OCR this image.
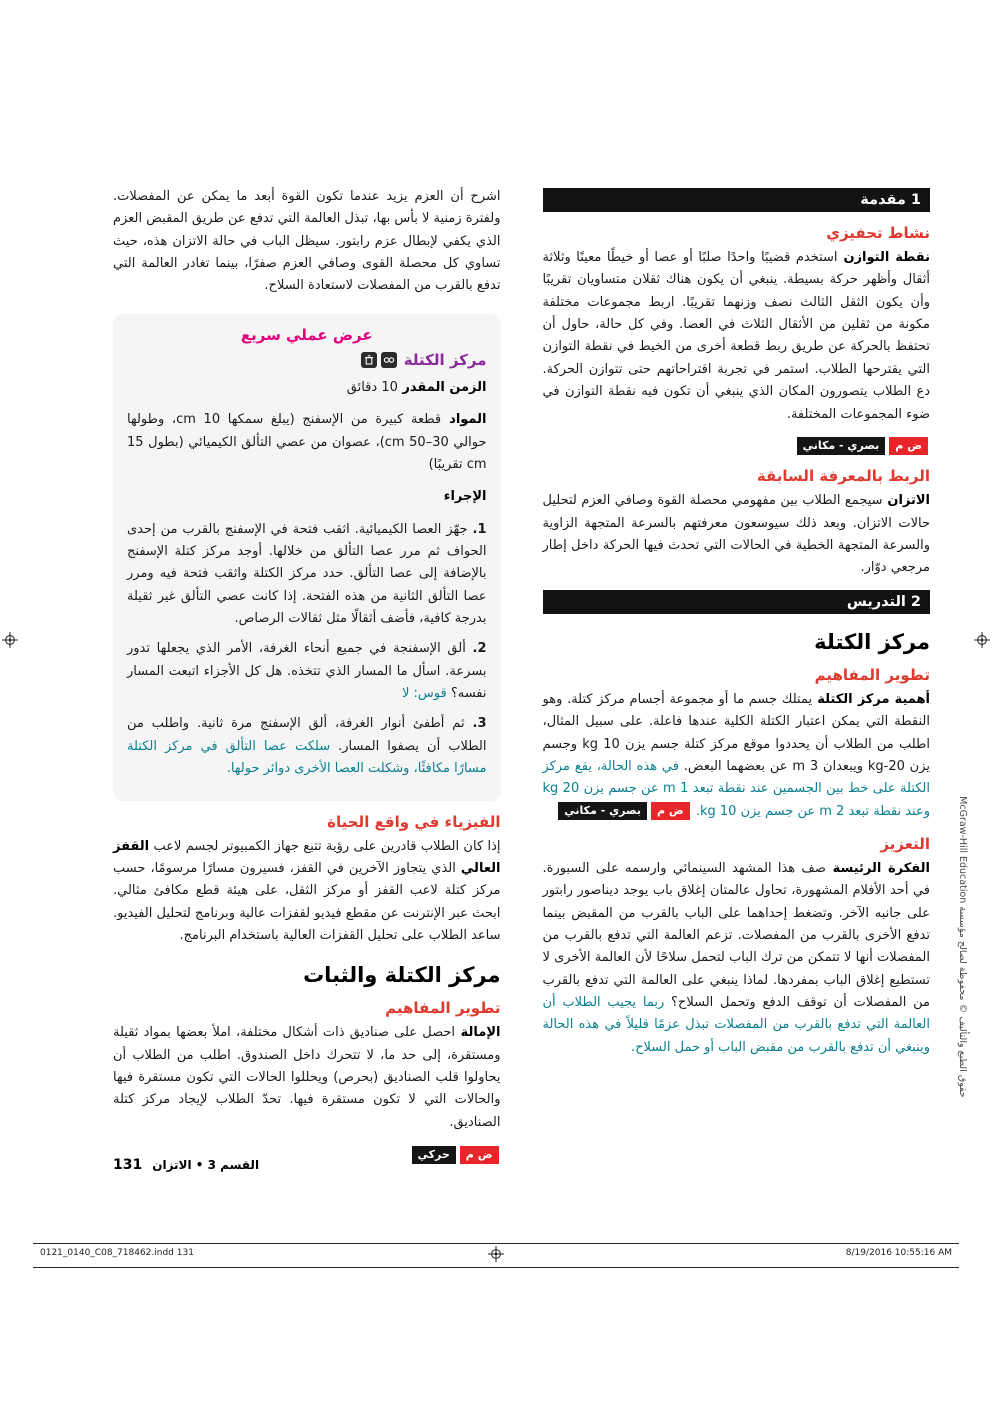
حقوق الطبع والتأليف © محفوظة لصالح مؤسسة McGraw-Hill Education
1 مقدمة
نشاط تحفيزي

نقطة التوازن استخدم قضيبًا واحدًا صلبًا أو عصا أو خيطًا معينًا وثلاثة أثقال وأظهر حركة بسيطة. ينبغي أن يكون هناك ثقلان متساويان تقريبًا وأن يكون الثقل الثالث نصف وزنهما تقريبًا. اربط مجموعات مختلفة مكونة من ثقلين من الأثقال الثلاث في العصا. وفي كل حالة، حاول أن تحتفظ بالحركة عن طريق ربط قطعة أخرى من الخيط في نقطة التوازن التي يقترحها الطلاب. استمر في تجربة اقتراحاتهم حتى تتوازن الحركة. دع الطلاب يتصورون المكان الذي ينبغي أن تكون فيه نقطة التوازن في ضوء المجموعات المختلفة.

ض مبصري - مكاني
الربط بالمعرفة السابقة

الاتزان سيجمع الطلاب بين مفهومي محصلة القوة وصافي العزم لتحليل حالات الاتزان. وبعد ذلك سيوسعون معرفتهم بالسرعة المتجهة الزاوية والسرعة المتجهة الخطية في الحالات التي تحدث فيها الحركة داخل إطار مرجعي دوّار.

2 التدريس
مركز الكتلة
تطوير المفاهيم

أهمية مركز الكتلة يمتلك جسم ما أو مجموعة أجسام مركز كتلة. وهو النقطة التي يمكن اعتبار الكتلة الكلية عندها فاعلة. على سبيل المثال، اطلب من الطلاب أن يحددوا موقع مركز كتلة جسم يزن 10 kg وجسم يزن 20-kg ويبعدان 3 m عن بعضهما البعض. في هذه الحالة، يقع مركز الكتلة على خط بين الجسمين عند نقطة تبعد 1 m عن جسم يزن 20 kg وعند نقطة تبعد 2 m عن جسم يزن 10 kg. ض مبصري - مكاني

التعزيز

الفكرة الرئيسة صف هذا المشهد السينمائي وارسمه على السبورة. في أحد الأفلام المشهورة، تحاول عالمتان إغلاق باب يوجد ديناصور رابتور على جانبه الآخر. وتضغط إحداهما على الباب بالقرب من المقبض بينما تدفع الأخرى بالقرب من المفصلات. تزعم العالمة التي تدفع بالقرب من المفصلات أنها لا تتمكن من ترك الباب لتحمل سلاحًا لأن العالمة الأخرى لا تستطيع إغلاق الباب بمفردها. لماذا ينبغي على العالمة التي تدفع بالقرب من المفصلات أن توقف الدفع وتحمل السلاح؟ ربما يجيب الطلاب أن العالمة التي تدفع بالقرب من المفصلات تبذل عزمًا قليلاً في هذه الحالة وينبغي أن تدفع بالقرب من مقبض الباب أو حمل السلاح.

اشرح أن العزم يزيد عندما تكون القوة أبعد ما يمكن عن المفصلات. ولفترة زمنية لا بأس بها، تبذل العالمة التي تدفع عن طريق المقبض العزم الذي يكفي لإبطال عزم رابتور. سيظل الباب في حالة الاتزان هذه، حيث تساوي كل محصلة القوى وصافي العزم صفرًا، بينما تغادر العالمة التي تدفع بالقرب من المفصلات لاستعادة السلاح.

عرض عملي سريع
مركز الكتلة

الزمن المقدر 10 دقائق

المواد قطعة كبيرة من الإسفنج (يبلغ سمكها 10 cm، وطولها حوالي 30–50 cm)، عصوان من عصي التألق الكيميائي (بطول 15 cm تقريبًا)

الإجراء

1. جهّز العصا الكيميائية. اثقب فتحة في الإسفنج بالقرب من إحدى الحواف ثم مرر عصا التألق من خلالها. أوجد مركز كتلة الإسفنج بالإضافة إلى عصا التألق. حدد مركز الكتلة واثقب فتحة فيه ومرر عصا التألق الثانية من هذه الفتحة. إذا كانت عصي التألق غير ثقيلة بدرجة كافية، فأضف أثقالًا مثل ثقالات الرصاص.
2. ألق الإسفنجة في جميع أنحاء الغرفة، الأمر الذي يجعلها تدور بسرعة. اسأل ما المسار الذي تتخذه. هل كل الأجزاء اتبعت المسار نفسه؟ قوس: لا
3. ثم أطفئ أنوار الغرفة، ألق الإسفنج مرة ثانية. واطلب من الطلاب أن يصفوا المسار. سلكت عصا التألق في مركز الكتلة مسارًا مكافئًا، وشكلت العصا الأخرى دوائر حولها.
الفيزياء في واقع الحياة

إذا كان الطلاب قادرين على رؤية تتبع جهاز الكمبيوتر لجسم لاعب القفز العالي الذي يتجاوز الآخرين في القفز، فسيرون مسارًا مرسومًا، حسب مركز كتلة لاعب القفز أو مركز الثقل، على هيئة قطع مكافئ مثالي. ابحث عبر الإنترنت عن مقطع فيديو لقفزات عالية وبرنامج لتحليل الفيديو. ساعد الطلاب على تحليل القفزات العالية باستخدام البرنامج.

مركز الكتلة والثبات
تطوير المفاهيم

الإمالة احصل على صناديق ذات أشكال مختلفة، املأ بعضها بمواد ثقيلة ومستقرة، إلى حد ما، لا تتحرك داخل الصندوق. اطلب من الطلاب أن يحاولوا قلب الصناديق (بحرص) ويحللوا الحالات التي تكون مستقرة فيها والحالات التي لا تكون مستقرة فيها. تحدّ الطلاب لإيجاد مركز كتلة الصناديق.

ض محركي
131 القسم 3 • الاتزان
0121_0140_C08_718462.indd 131	8/19/2016 10:55:16 AM
